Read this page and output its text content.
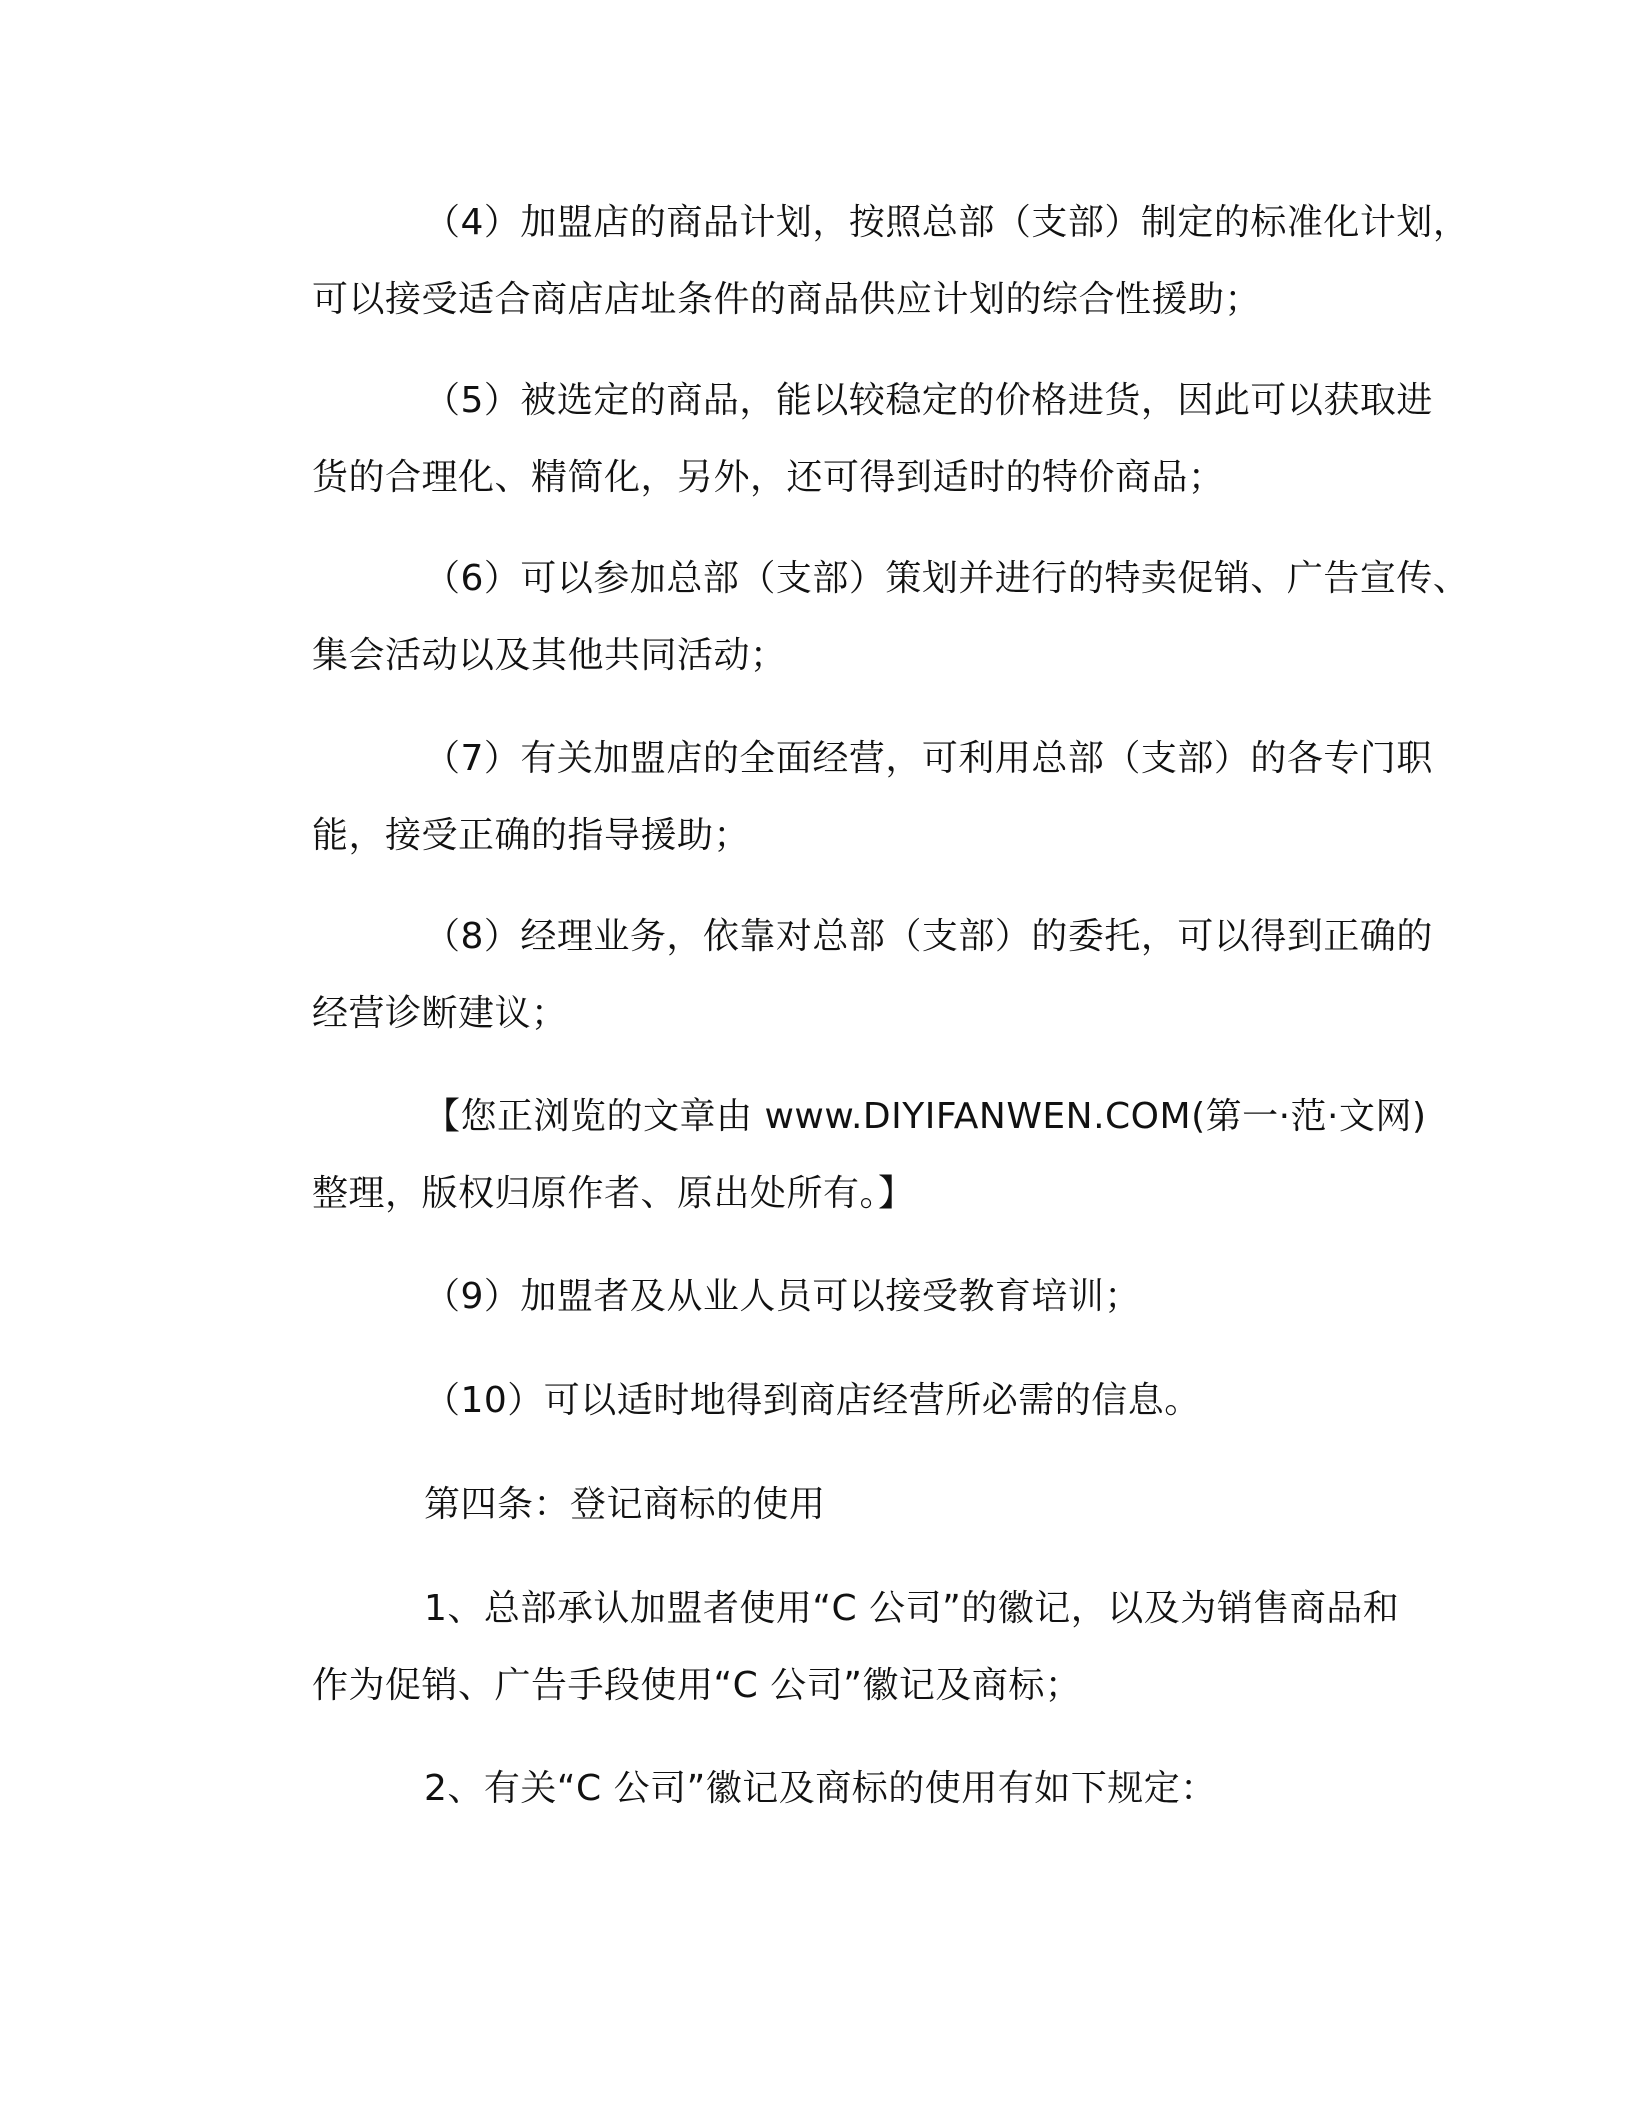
（4）加盟店的商品计划，按照总部（支部）制定的标准化计划，
可以接受适合商店店址条件的商品供应计划的综合性援助；
（5）被选定的商品，能以较稳定的价格进货，因此可以获取进
货的合理化、精简化，另外，还可得到适时的特价商品；
（6）可以参加总部（支部）策划并进行的特卖促销、广告宣传、
集会活动以及其他共同活动；
（7）有关加盟店的全面经营，可利用总部（支部）的各专门职
能，接受正确的指导援助；
（8）经理业务，依靠对总部（支部）的委托，可以得到正确的
经营诊断建议；
【您正浏览的文章由 www.DIYIFANWEN.COM(第一·范·文网)
整理，版权归原作者、原出处所有。】
（9）加盟者及从业人员可以接受教育培训；
（10）可以适时地得到商店经营所必需的信息。
第四条：登记商标的使用
1、总部承认加盟者使用“C 公司”的徽记，以及为销售商品和
作为促销、广告手段使用“C 公司”徽记及商标；
2、有关“C 公司”徽记及商标的使用有如下规定：
